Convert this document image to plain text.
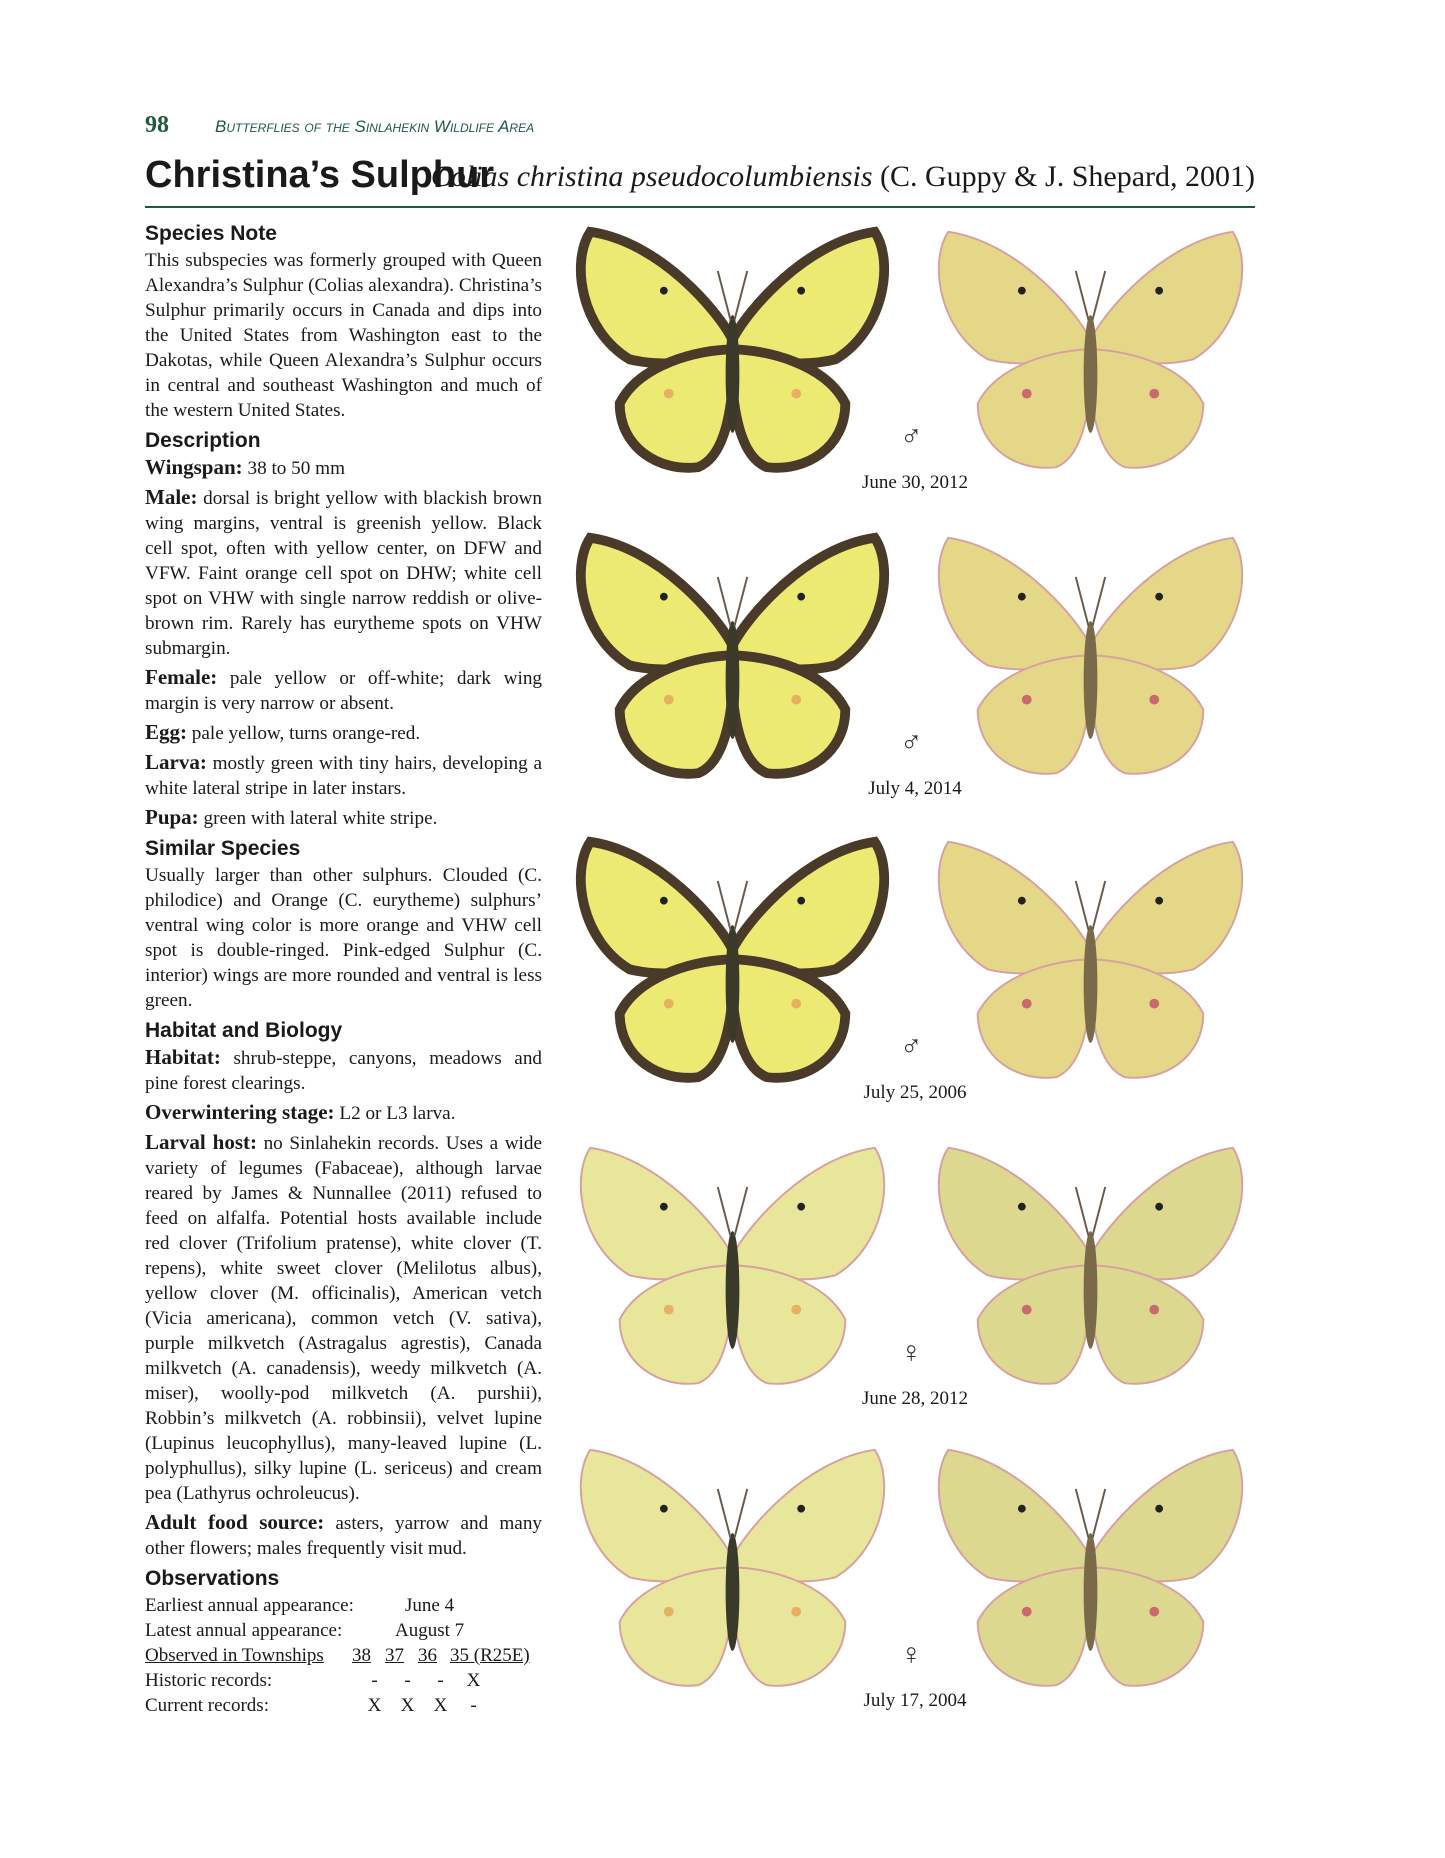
98	Butterflies of the Sinlahekin Wildlife Area
Christina’s Sulphur
Colias christina pseudocolumbiensis (C. Guppy & J. Shepard, 2001)
Species Note

This subspecies was formerly grouped with Queen Alexandra’s Sulphur (Colias alexandra). Christina’s Sulphur primarily occurs in Canada and dips into the United States from Washington east to the Dakotas, while Queen Alexandra’s Sulphur occurs in central and southeast Washington and much of the western United States.

Description

Wingspan: 38 to 50 mm

Male: dorsal is bright yellow with blackish brown wing margins, ventral is greenish yellow. Black cell spot, often with yellow center, on DFW and VFW. Faint orange cell spot on DHW; white cell spot on VHW with single narrow reddish or olive-brown rim. Rarely has eurytheme spots on VHW submargin.

Female: pale yellow or off-white; dark wing margin is very narrow or absent.

Egg: pale yellow, turns orange-red.

Larva: mostly green with tiny hairs, developing a white lateral stripe in later instars.

Pupa: green with lateral white stripe.

Similar Species

Usually larger than other sulphurs. Clouded (C. philodice) and Orange (C. eurytheme) sulphurs’ ventral wing color is more orange and VHW cell spot is double-ringed. Pink-edged Sulphur (C. interior) wings are more rounded and ventral is less green.

Habitat and Biology

Habitat: shrub-steppe, canyons, meadows and pine forest clearings.

Overwintering stage: L2 or L3 larva.

Larval host: no Sinlahekin records. Uses a wide variety of legumes (Fabaceae), although larvae reared by James & Nunnallee (2011) refused to feed on alfalfa. Potential hosts available include red clover (Trifolium pratense), white clover (T. repens), white sweet clover (Melilotus albus), yellow clover (M. officinalis), American vetch (Vicia americana), common vetch (V. sativa), purple milkvetch (Astragalus agrestis), Canada milkvetch (A. canadensis), weedy milkvetch (A. miser), woolly-pod milkvetch (A. purshii), Robbin’s milkvetch (A. robbinsii), velvet lupine (Lupinus leucophyllus), many-leaved lupine (L. polyphullus), silky lupine (L. sericeus) and cream pea (Lathyrus ochroleucus).

Adult food source: asters, yarrow and many other flowers; males frequently visit mud.

Observations
Earliest annual appearance:	June 4
Latest annual appearance:	August 7
Observed in Townships	38 37 36 35 (R25E)
Historic records:	-	-	-	X
Current records:	X	X	X	-
♂
June 30, 2012
♂
July 4, 2014
♂
July 25, 2006
♀
June 28, 2012
♀
July 17, 2004
